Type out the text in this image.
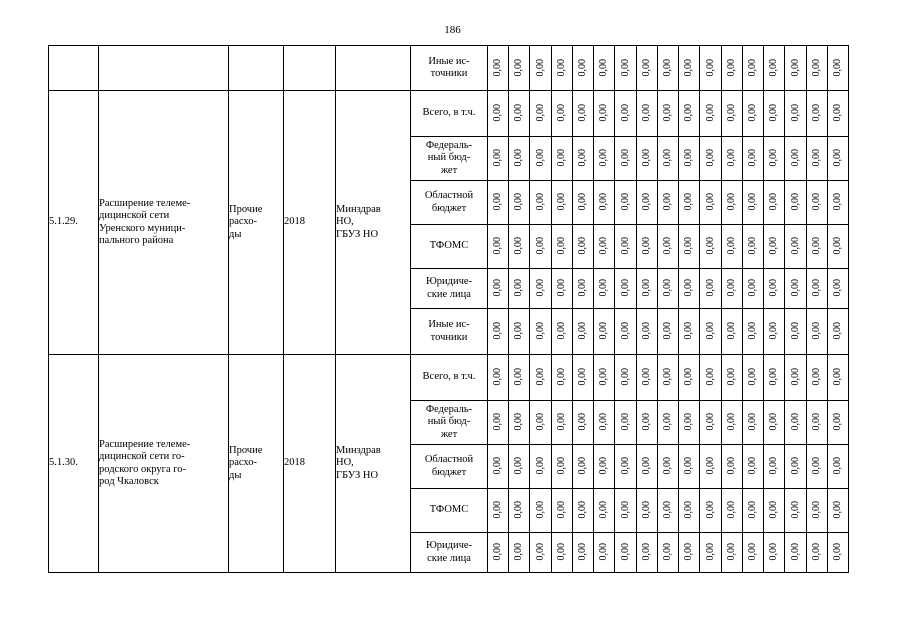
186
					Иные ис-
точники	0,00	0,00	0,00	0,00	0,00	0,00	0,00	0,00	0,00	0,00	0,00	0,00	0,00	0,00	0,00	0,00	0,00
5.1.29.	Расширение телеме-
дицинской сети
Уренского муници-
пального района	Прочие
расхо-
ды	2018	Минздрав
НО,
ГБУЗ НО	Всего, в т.ч.	0,00	0,00	0,00	0,00	0,00	0,00	0,00	0,00	0,00	0,00	0,00	0,00	0,00	0,00	0,00	0,00	0,00
					Федераль-
ный бюд-
жет	0,00	0,00	0,00	0,00	0,00	0,00	0,00	0,00	0,00	0,00	0,00	0,00	0,00	0,00	0,00	0,00	0,00
					Областной
бюджет	0,00	0,00	0,00	0,00	0,00	0,00	0,00	0,00	0,00	0,00	0,00	0,00	0,00	0,00	0,00	0,00	0,00
					ТФОМС	0,00	0,00	0,00	0,00	0,00	0,00	0,00	0,00	0,00	0,00	0,00	0,00	0,00	0,00	0,00	0,00	0,00
					Юридиче-
ские лица	0,00	0,00	0,00	0,00	0,00	0,00	0,00	0,00	0,00	0,00	0,00	0,00	0,00	0,00	0,00	0,00	0,00
					Иные ис-
точники	0,00	0,00	0,00	0,00	0,00	0,00	0,00	0,00	0,00	0,00	0,00	0,00	0,00	0,00	0,00	0,00	0,00
5.1.30.	Расширение телеме-
дицинской сети го-
родского округа го-
род Чкаловск	Прочие
расхо-
ды	2018	Минздрав
НО,
ГБУЗ НО	Всего, в т.ч.	0,00	0,00	0,00	0,00	0,00	0,00	0,00	0,00	0,00	0,00	0,00	0,00	0,00	0,00	0,00	0,00	0,00
					Федераль-
ный бюд-
жет	0,00	0,00	0,00	0,00	0,00	0,00	0,00	0,00	0,00	0,00	0,00	0,00	0,00	0,00	0,00	0,00	0,00
					Областной
бюджет	0,00	0,00	0,00	0,00	0,00	0,00	0,00	0,00	0,00	0,00	0,00	0,00	0,00	0,00	0,00	0,00	0,00
					ТФОМС	0,00	0,00	0,00	0,00	0,00	0,00	0,00	0,00	0,00	0,00	0,00	0,00	0,00	0,00	0,00	0,00	0,00
					Юридиче-
ские лица	0,00	0,00	0,00	0,00	0,00	0,00	0,00	0,00	0,00	0,00	0,00	0,00	0,00	0,00	0,00	0,00	0,00
